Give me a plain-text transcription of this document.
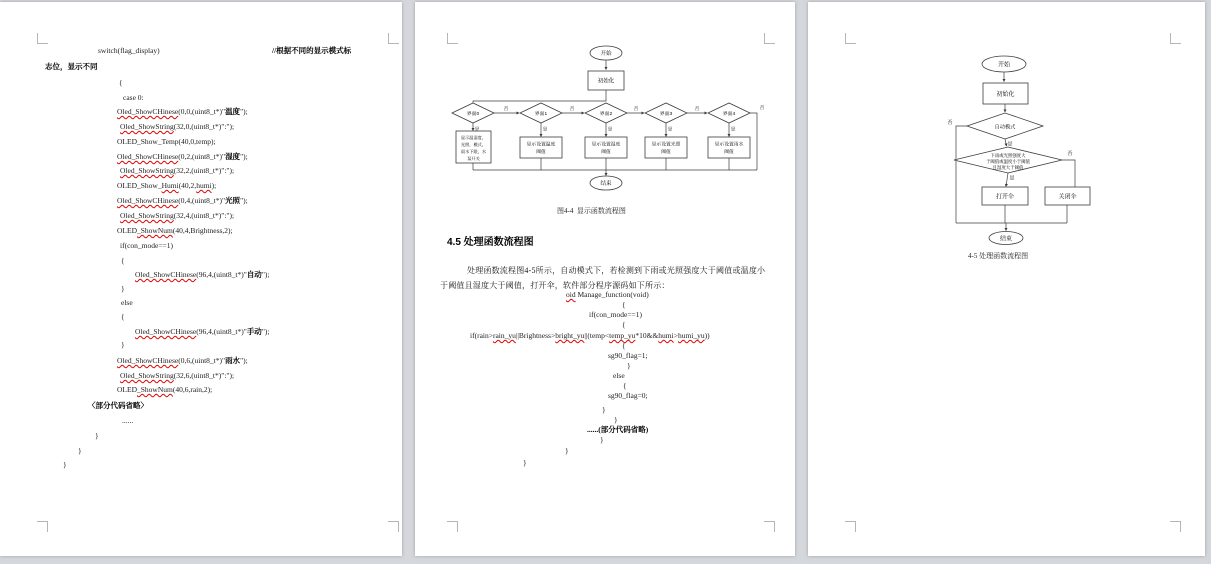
switch(flag_display)	//根据不同的显示模式标
志位，显示不同
{
case 0:
Oled_ShowCHinese(0,0,(uint8_t*)"温度");
Oled_ShowString(32,0,(uint8_t*)":");
OLED_Show_Temp(40,0,temp);
Oled_ShowCHinese(0,2,(uint8_t*)"湿度");
Oled_ShowString(32,2,(uint8_t*)":");
OLED_Show_Humi(40,2,humi);
Oled_ShowCHinese(0,4,(uint8_t*)"光照");
Oled_ShowString(32,4,(uint8_t*)":");
OLED_ShowNum(40,4,Brightness,2);
if(con_mode==1)
{
Oled_ShowCHinese(96,4,(uint8_t*)"自动");
}
else
{
Oled_ShowCHinese(96,4,(uint8_t*)"手动");
}
Oled_ShowCHinese(0,6,(uint8_t*)"雨水");
Oled_ShowString(32,6,(uint8_t*)":");
OLED_ShowNum(40,6,rain,2);
〈部分代码省略〉
......
}
}
}
4.5 处理函数流程图
处理函数流程图4-5所示，自动模式下，若检测到下雨或光照强度大于阈值或温度小
于阈值且湿度大于阈值，打开伞，软件部分程序源码如下所示：
oid Manage_function(void)
{
if(con_mode==1)
{
if(rain>rain_yu||Brightness>bright_yu||(temp<temp_yu*10&&humi>humi_yu))
{
sg90_flag=1;
}
else
{
sg90_flag=0;
}
}
......(部分代码省略)
}
}
}
开始
初始化
界面0	界面1	界面2	界面3	界面4
否	否	否	否	否
是	是	是	是	是
显示温湿度，
光照，模式，
雨水下限，水
泵开关
显示设置温度
阈值
显示设置湿度
阈值
显示设置光照
阈值
显示设置雨水
阈值
结束
图4-4  显示函数流程图
开始
初始化
自动模式
否
是
下雨或光照强度大
于阈值或温度小于阈值
且湿度大于阈值
否
是
打开伞	关闭伞
结束
4-5 处理函数流程图
